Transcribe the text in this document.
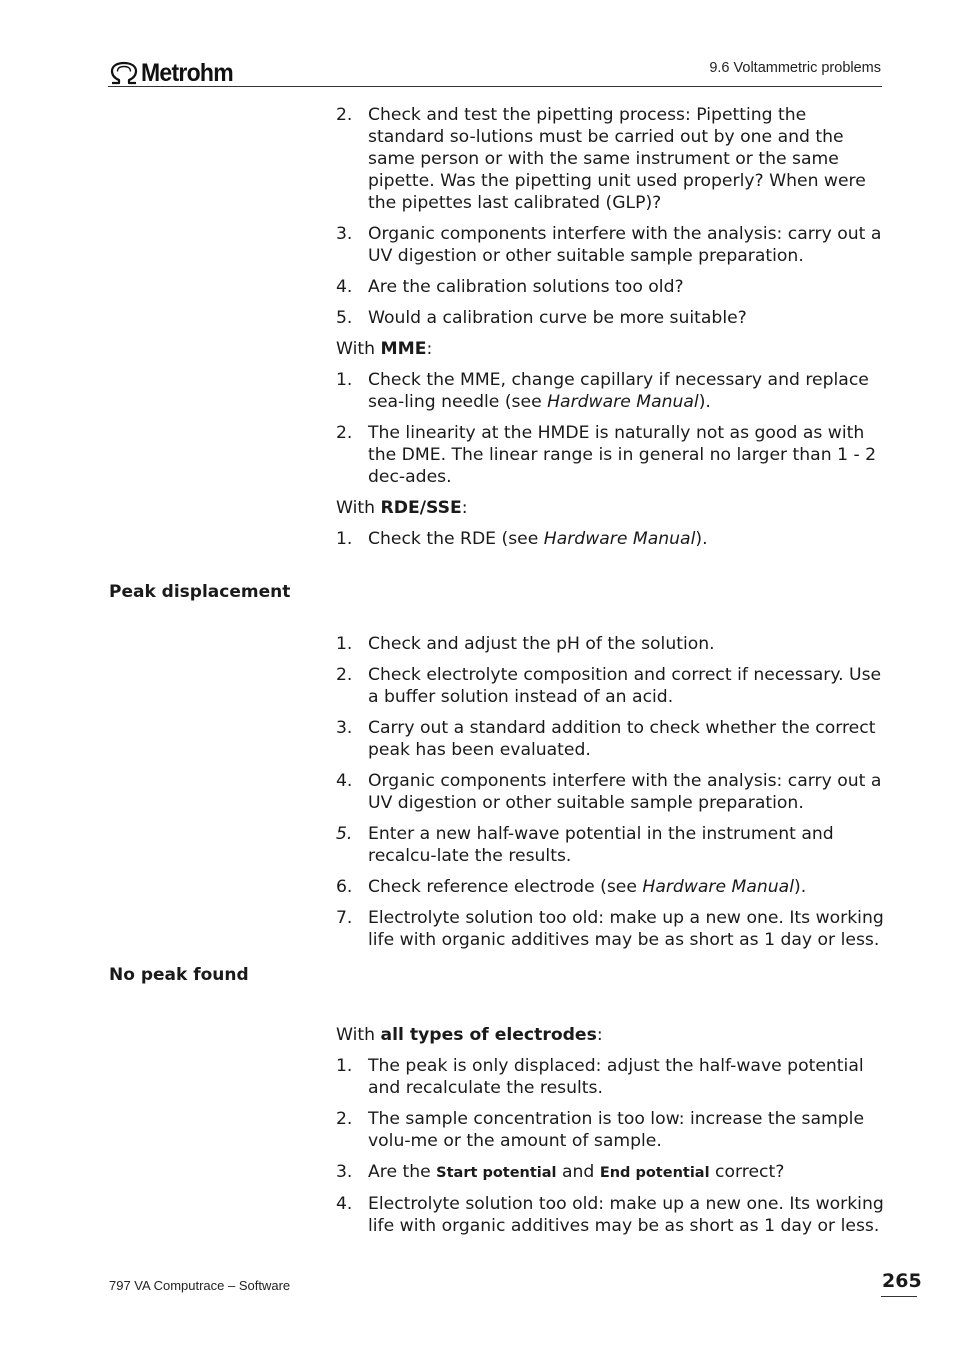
Metrohm	9.6 Voltammetric problems
2. Check and test the pipetting process: Pipetting the standard so-lutions must be carried out by one and the same person or with the same instrument or the same pipette. Was the pipetting unit used properly? When were the pipettes last calibrated (GLP)?
3. Organic components interfere with the analysis: carry out a UV digestion or other suitable sample preparation.
4. Are the calibration solutions too old?
5. Would a calibration curve be more suitable?
With MME:
1. Check the MME, change capillary if necessary and replace sea-ling needle (see Hardware Manual).
2. The linearity at the HMDE is naturally not as good as with the DME. The linear range is in general no larger than 1 - 2 dec-ades.
With RDE/SSE:
1. Check the RDE (see Hardware Manual).
1. Check and adjust the pH of the solution.
2. Check electrolyte composition and correct if necessary. Use a buffer solution instead of an acid.
3. Carry out a standard addition to check whether the correct peak has been evaluated.
4. Organic components interfere with the analysis: carry out a UV digestion or other suitable sample preparation.
5. Enter a new half-wave potential in the instrument and recalcu-late the results.
6. Check reference electrode (see Hardware Manual).
7. Electrolyte solution too old: make up a new one. Its working life with organic additives may be as short as 1 day or less.
With all types of electrodes:
1. The peak is only displaced: adjust the half-wave potential and recalculate the results.
2. The sample concentration is too low: increase the sample volu-me or the amount of sample.
3. Are the Start potential and End potential correct?
4. Electrolyte solution too old: make up a new one. Its working life with organic additives may be as short as 1 day or less.
Peak displacement
No peak found
797 VA Computrace – Software	265
